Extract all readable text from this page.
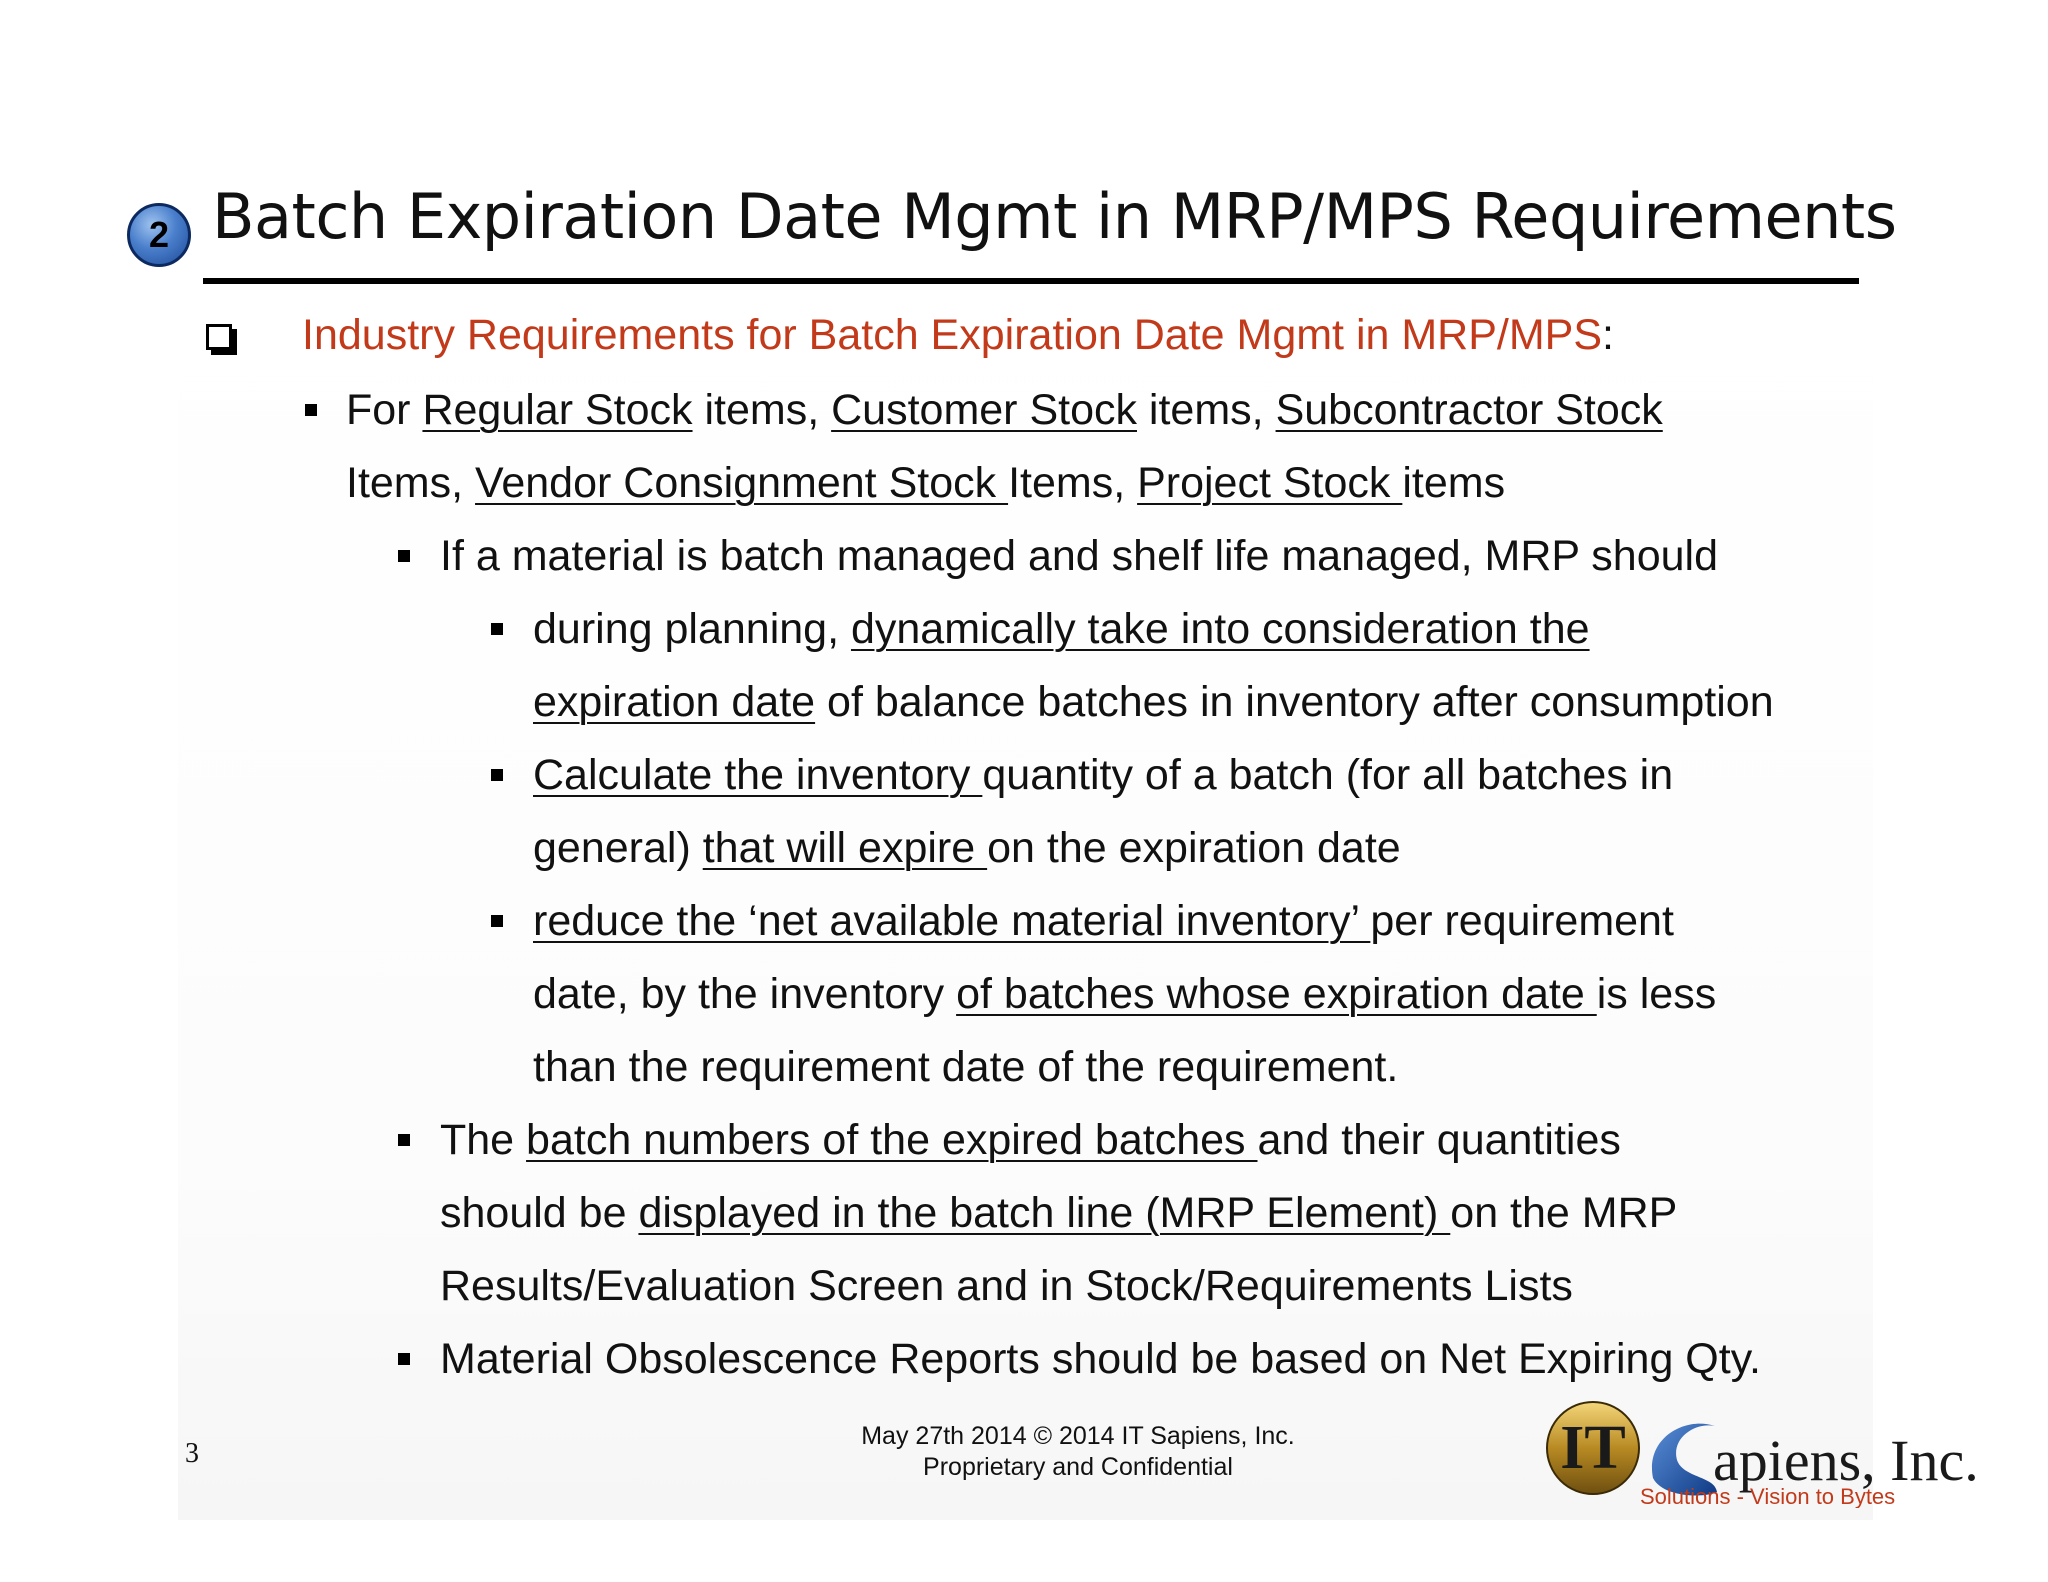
2 Batch Expiration Date Mgmt in MRP/MPS Requirements
Industry Requirements for Batch Expiration Date Mgmt in MRP/MPS :
For Regular Stock items, Customer Stock items, Subcontractor Stock
Items, Vendor Consignment Stock Items, Project Stock items
If a material is batch managed and shelf life managed, MRP should
during planning, dynamically take into consideration the
expiration date of balance batches in inventory after consumption
Calculate the inventory quantity of a batch (for all batches in
general) that will expire on the expiration date
reduce the ‘net available material inventory’ per requirement
date, by the inventory of batches whose expiration date is less
than the requirement date of the requirement.
The batch numbers of the expired batches and their quantities
should be displayed in the batch line (MRP Element) on the MRP
Results/Evaluation Screen and in Stock/Requirements Lists
Material Obsolescence Reports should be based on Net Expiring Qty.
3
May 27th 2014 © 2014 IT Sapiens, Inc.
Proprietary and Confidential	IT apiens, Inc.
Solutions - Vision to Bytes
